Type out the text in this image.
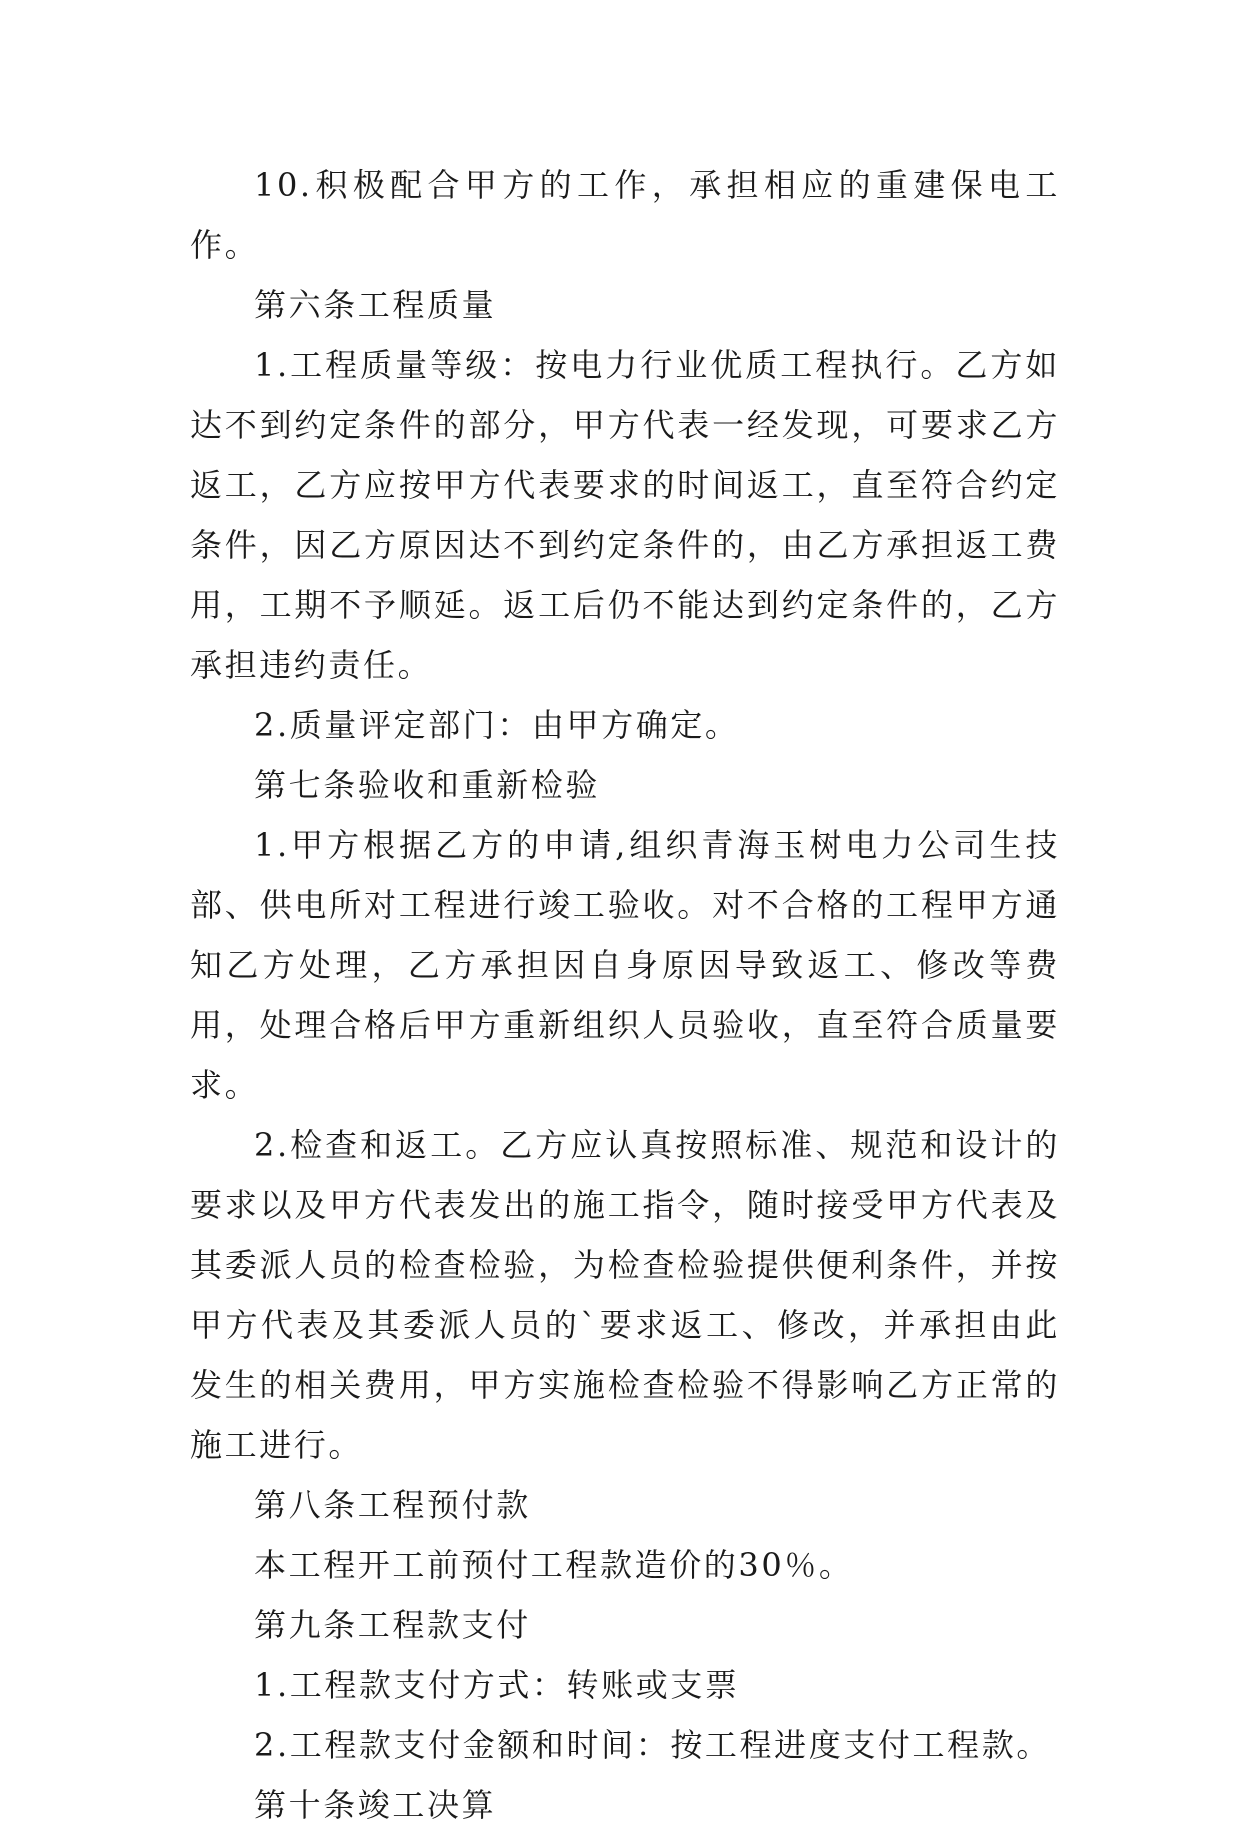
10.积极配合甲方的工作，承担相应的重建保电工作。

第六条工程质量

1.工程质量等级：按电力行业优质工程执行。乙方如达不到约定条件的部分，甲方代表一经发现，可要求乙方返工，乙方应按甲方代表要求的时间返工，直至符合约定条件，因乙方原因达不到约定条件的，由乙方承担返工费用，工期不予顺延。返工后仍不能达到约定条件的，乙方承担违约责任。

2.质量评定部门：由甲方确定。

第七条验收和重新检验

1.甲方根据乙方的申请,组织青海玉树电力公司生技部、供电所对工程进行竣工验收。对不合格的工程甲方通知乙方处理，乙方承担因自身原因导致返工、修改等费用，处理合格后甲方重新组织人员验收，直至符合质量要求。

2.检查和返工。乙方应认真按照标准、规范和设计的要求以及甲方代表发出的施工指令，随时接受甲方代表及其委派人员的检查检验，为检查检验提供便利条件，并按甲方代表及其委派人员的`要求返工、修改，并承担由此发生的相关费用，甲方实施检查检验不得影响乙方正常的施工进行。

第八条工程预付款

本工程开工前预付工程款造价的30％。

第九条工程款支付

1.工程款支付方式：转账或支票

2.工程款支付金额和时间：按工程进度支付工程款。

第十条竣工决算
